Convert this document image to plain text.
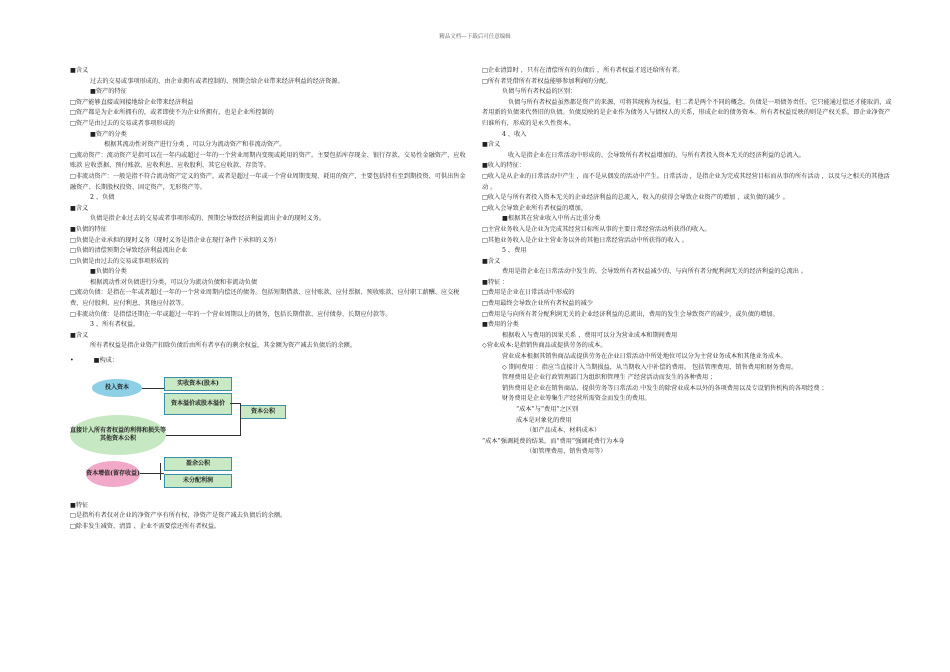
精品文档---下载后可任意编辑

■含义

过去的交易或事项形成的、由企业拥有或者控制的、预期会给企业带来经济利益的经济资源。

■资产的特征

□资产能够直接或间接地给企业带来经济利益

□资产都是为企业所拥有的，或者即使不为企业所拥有，也是企业所控制的

□资产是由过去的交易或者事项形成的

■资产的分类

根据其流动性对资产进行分类 ，可以分为流动资产和非流动资产。

□流动资产：流动资产是指可以在一年内或超过一年的一个营业周期内变现或耗用的资产。主要包括库存现金、银行存款、交易性金融资产、应收账款 应收票据、预付账款、应收利息、应收股利、其它应收款、存货等。

□非流动资产：一般是指不符合流动资产定义的资产，或者是超过一年或一个营业周期变现、耗用的资产，主要包括持有至到期投资、可供出售金融资产、长期股权投资、固定资产，无形资产等。

2 、负债

■含义

负债是指企业过去的交易或者事项形成的、预期会导致经济利益流出企业的现时义务。

■负债的特征

□负债是企业承担的现时义务（现时义务是指企业在现行条件下承担的义务）

□负债的清偿预期会导致经济利益流出企业

□负债是由过去的交易或事项形成的

■负债的分类

根据流动性对负债进行分类，可以分为流动负债和非流动负债

□流动负债：是指在一年或者超过一年的一个营业周期内偿还的债务。包括短期借款、应付账款、应付票据、预收账款、应付职工薪酬、应交税费、应付股利、应付利息、其他应付款等。

□非流动负债：是指偿还期在一年或超过一年的一个营业周期以上的债务，包括长期借款、应付债券、长期应付款等。

3 、所有者权益。

■含义

所有者权益是指企业资产扣除负债后由所有者享有的剩余权益，其金额为资产减去负债后的余额。

•	■构成：

投入资本
实收资本(股本)
资本溢价或股本溢价
直接计入所有者权益的利得和损失等其他资本公积
资本公积
资本增值(留存收益)
盈余公积
未分配利润

■特征

□是指所有者仅对企业的净资产享有所有权，净资产是资产减去负债后的余额。

□除非发生减资、清算 、企业不需要偿还所有者权益。

□企业清算时 ，只有在清偿所有的负债后 ，所有者权益才返还给所有者。

□所有者凭借所有者权益能够参加利润的分配。

负债与所有者权益的区别：

负债与所有者权益虽然都是资产的来源，可将其统称为权益，但二者是两个不同的概念。负债是一项债务责任，它只能通过偿还才能取消，或者用新的负债来代替旧的负债。负债反映的是企业作为债务人与债权人的关系，形成企业的债务资本。所有者权益反映的则是产权关系，即企业净资产归谁所有，形成的是永久性资本。

4 、收入

■含义

收入是指企业在日常活动中形成的、会导致所有者权益增加的、与所有者投入资本无关的经济利益的总流入。

■收入的特征：

□收入是从企业的日常活动中产生 ，而不是从偶发的活动中产生。日常活动 ，是指企业为完成其经营目标而从事的所有活动 ，以及与之相关的其他活动 。

□收入是与所有者投入资本无关的企业经济利益的总流入，收入的获得会导致企业资产的增加 ，或负债的减少 。

□收入会导致企业所有者权益的增加。

■根据其在营业收入中所占比重分类

□主营业务收入是企业为完成其经营目标所从事的主要日常经营活动所获得的收入。

□其他业务收入是企业主营业务以外的其他日常经营活动中所获得的收入 。

5 、费用

■含义

费用是指企业在日常活动中发生的、会导致所有者权益减少的、与向所有者分配利润无关的经济利益的总流出 。

■特征 ：

□费用是企业在日常活动中形成的

□费用最终会导致企业所有者权益的减少

□费用是与向所有者分配利润无关的企业经济利益的总流出，费用的发生会导致资产的减少，或负债的增加。

■费用的分类

根据收入与费用的因果关系 ，费用可以分为营业成本和期间费用

◇营业成本:是指销售商品或提供劳务的成本。

营业成本根据其销售商品或提供劳务在企业日常活动中所处地位可以分为主营业务成本和其他业务成本。

◇ 期间费用 ：指应当直接计入当期损益，从当期收入中补偿的费用。 包括管理费用、销售费用和财务费用。

管理费用是企业行政管理部门为组织和管理生 产经营活动而发生的各种费用 ；

销售费用是企业在销售商品、提供劳务等日常活动 中发生的除营业成本以外的各项费用以及专设销售机构的各项经费 ；

财务费用是企业筹集生产经营所需资金而发生的费用。

“成本”与“费用”之区别

成本是对象化的费用

（如产品成本、材料成本）

“成本”强调耗费的结果，而“费用”强调耗费行为本身

（如管理费用、销售费用等）
